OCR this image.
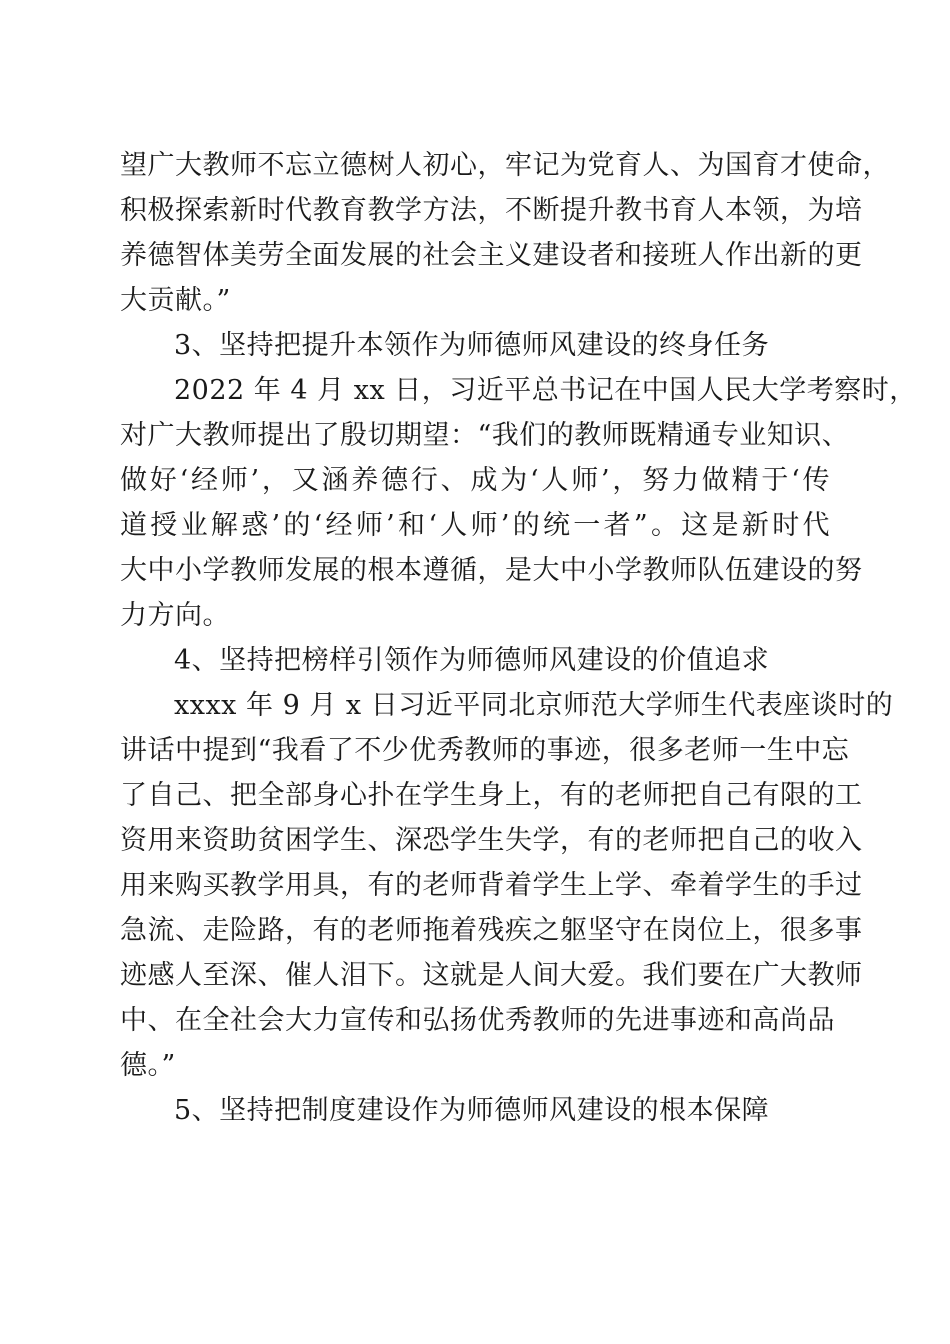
望广大教师不忘立德树人初心，牢记为党育人、为国育才使命，
积极探索新时代教育教学方法，不断提升教书育人本领，为培
养德智体美劳全面发展的社会主义建设者和接班人作出新的更
大贡献。”
3、坚持把提升本领作为师德师风建设的终身任务
2022 年 4 月 xx 日，习近平总书记在中国人民大学考察时，
对广大教师提出了殷切期望：“我们的教师既精通专业知识、
做好‘经师’，又涵养德行、成为‘人师’，努力做精于‘传
道授业解惑’的‘经师’和‘人师’的统一者”。这是新时代
大中小学教师发展的根本遵循，是大中小学教师队伍建设的努
力方向。
4、坚持把榜样引领作为师德师风建设的价值追求
xxxx 年 9 月 x 日习近平同北京师范大学师生代表座谈时的
讲话中提到“我看了不少优秀教师的事迹，很多老师一生中忘
了自己、把全部身心扑在学生身上，有的老师把自己有限的工
资用来资助贫困学生、深恐学生失学，有的老师把自己的收入
用来购买教学用具，有的老师背着学生上学、牵着学生的手过
急流、走险路，有的老师拖着残疾之躯坚守在岗位上，很多事
迹感人至深、催人泪下。这就是人间大爱。我们要在广大教师
中、在全社会大力宣传和弘扬优秀教师的先进事迹和高尚品
德。”
5、坚持把制度建设作为师德师风建设的根本保障
